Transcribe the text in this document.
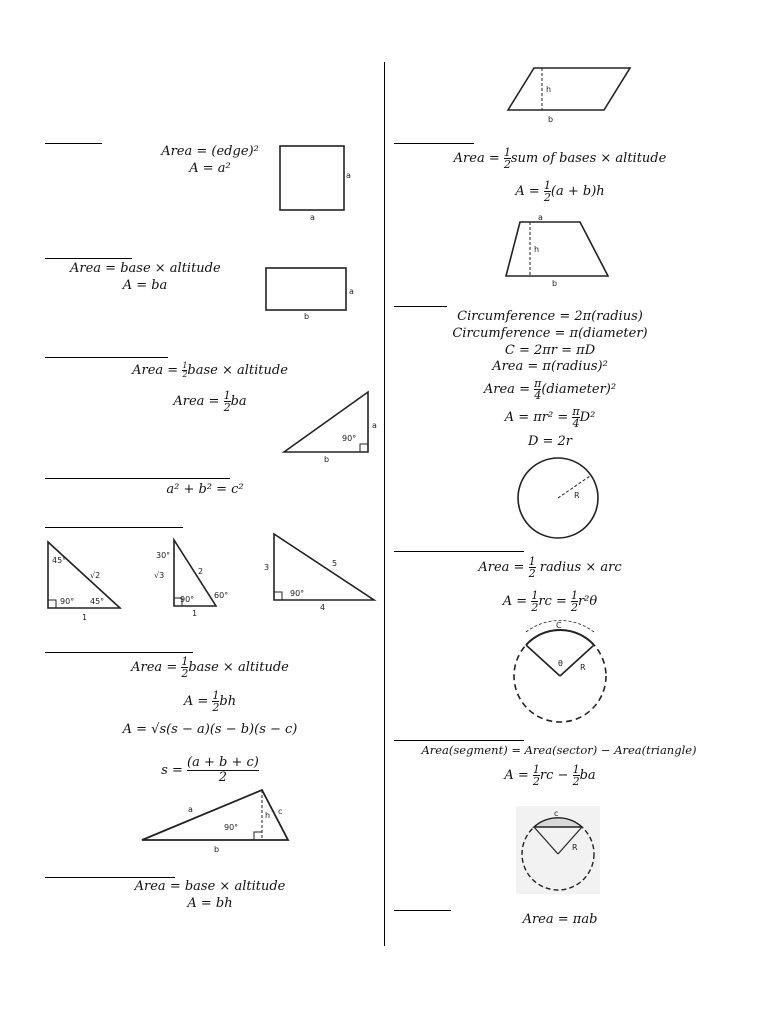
Area = (edge)²
A = a²	a
a
Area = base × altitude
A = ba	a
b
Area = $\frac{1}{2}$ base × altitude
Area = $\frac{1}{2}$ ba
a
b
90°
a² + b² = c²
45°
√2
90° 45°
1
30°
√3	2
90° 60°
1
3	5
90°
4
Area = $\frac{1}{2}$ base × altitude
$A = \frac{1}{2}$ bh
A = √s(s − a)(s − b)(s − c)
$s = \frac{(a + b + c)}{2}$
a	c
h
90°
b
Area = base × altitude
A = bh
h
b
Area = $\frac{1}{2}$ sum of bases × altitude
$A = \frac{1}{2} (a + b)h$
a
h
b
Circumference = 2π(radius)
Circumference = π(diameter)
C = 2πr = πD
Area = π(radius)²
Area = $\frac{\pi}{4}$ (diameter)²
$A = \pi r^2 = \frac{\pi}{4} D^2$
D = 2r
R
Area = $\frac{1}{2}$ radius × arc
$A = \frac{1}{2}$ rc = $\frac{1}{2} r^2\theta$
C
θ R
Area(segment) = Area(sector) − Area(triangle)
$A = \frac{1}{2}$ rc − $\frac{1}{2}$ ba
c
R
Area = πab
